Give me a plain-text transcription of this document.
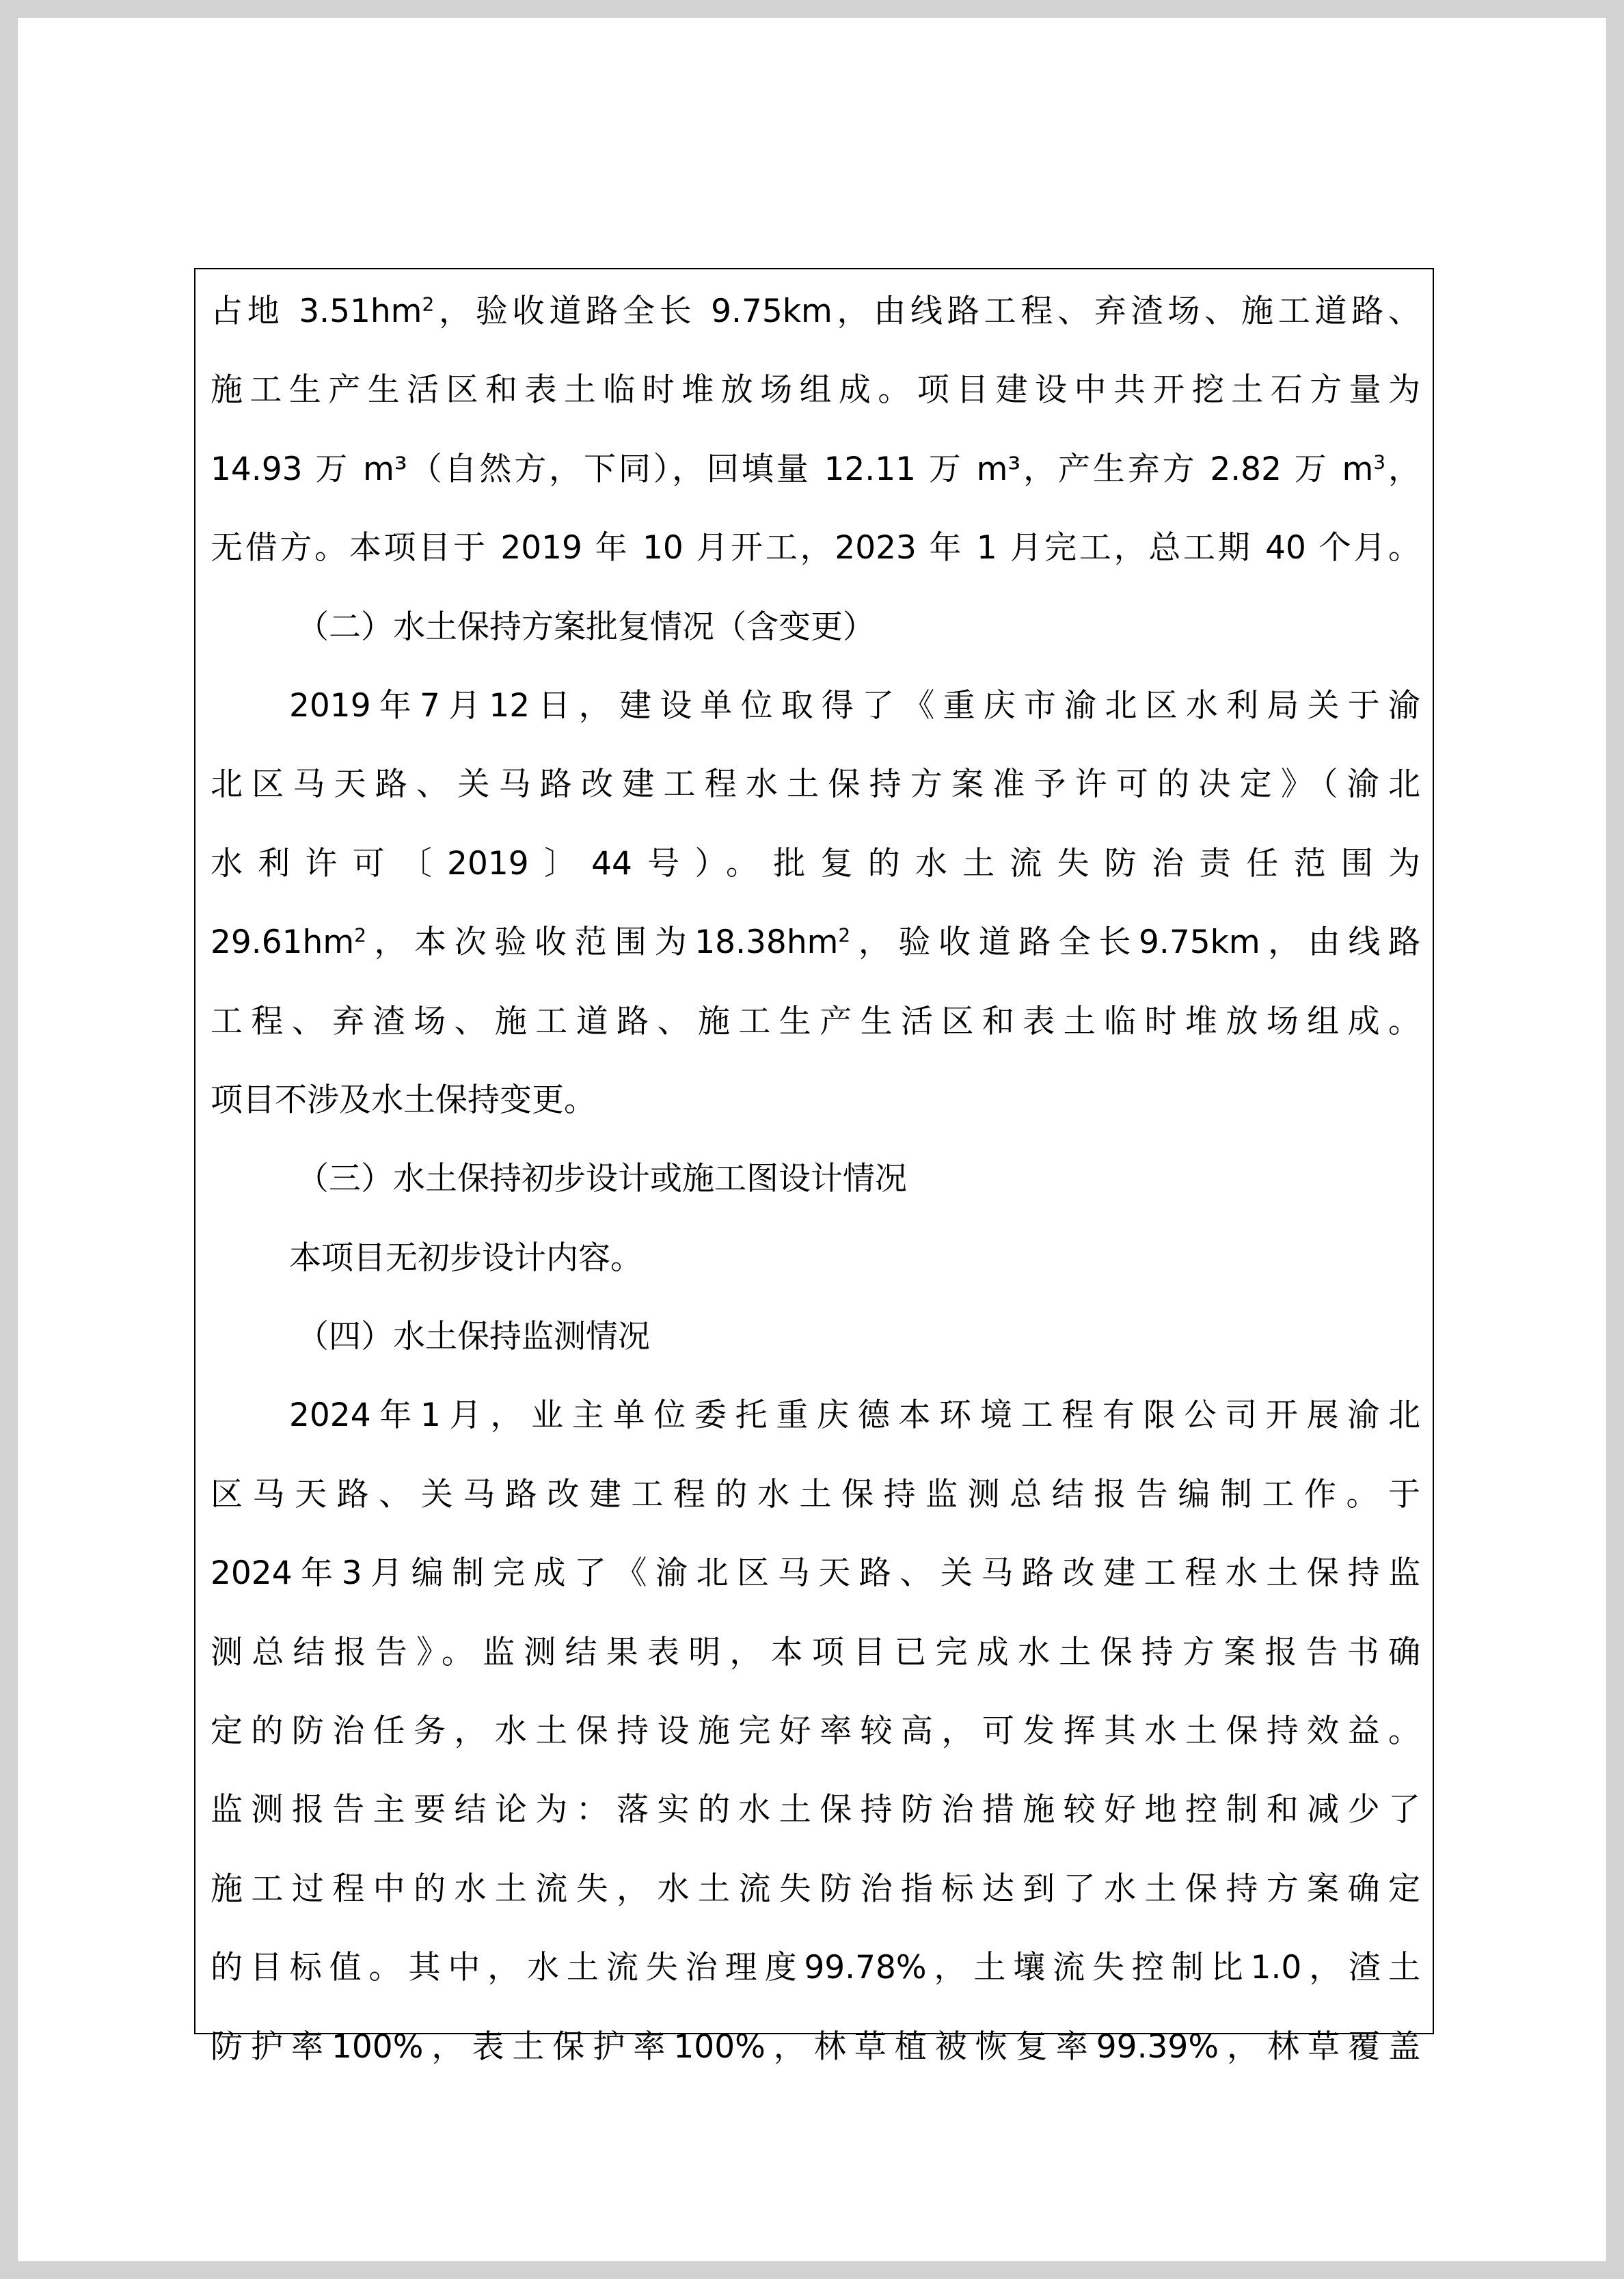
占地 $3.51hm^2$，验收道路全长 9.75km，由线路工程、弃渣场、施工道路、
施工生产生活区和表土临时堆放场组成。项目建设中共开挖土石方量为
14.93 万 m³（自然方，下同），回填量 12.11 万 m³，产生弃方 2.82 万 $m^3$，
无借方。本项目于 2019 年 10 月开工，2023 年 1 月完工，总工期 40 个月。
（二）水土保持方案批复情况（含变更）
2019年7月12日，建设单位取得了《重庆市渝北区水利局关于渝
北区马天路、关马路改建工程水土保持方案准予许可的决定》（渝北
水利许可〔2019〕44号）。批复的水土流失防治责任范围为
$29.61hm^2$，本次验收范围为$18.38hm^2$，验收道路全长9.75km，由线路
工程、弃渣场、施工道路、施工生产生活区和表土临时堆放场组成。
项目不涉及水土保持变更。
（三）水土保持初步设计或施工图设计情况
本项目无初步设计内容。
（四）水土保持监测情况
2024年1月，业主单位委托重庆德本环境工程有限公司开展渝北
区马天路、关马路改建工程的水土保持监测总结报告编制工作。于
2024年3月编制完成了《渝北区马天路、关马路改建工程水土保持监
测总结报告》。监测结果表明，本项目已完成水土保持方案报告书确
定的防治任务，水土保持设施完好率较高，可发挥其水土保持效益。
监测报告主要结论为：落实的水土保持防治措施较好地控制和减少了
施工过程中的水土流失，水土流失防治指标达到了水土保持方案确定
的目标值。其中，水土流失治理度99.78%，土壤流失控制比1.0，渣土
防护率100%，表土保护率100%，林草植被恢复率99.39%，林草覆盖
